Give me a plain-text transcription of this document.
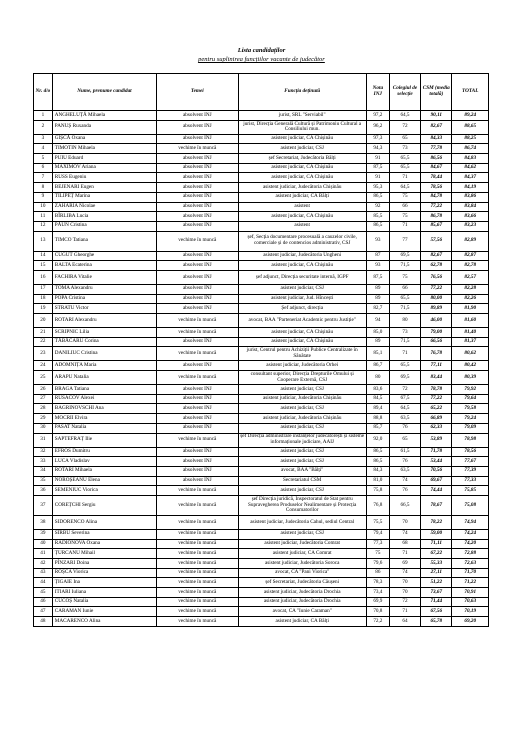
Lista candidaților
pentru suplinirea funcțiilor vacante de judecător
Nr. d/o	Nume, prenume candidat	Temei	Funcția deținută	Nota INJ	Colegiul de selecție	CSM (media totală)	TOTAL
1	ANGHELUȚĂ Mihaela	absolvent INJ	jurist, SRL "Serviabil"	97,2	64,5	90,11	89,24
2	PANUȘ Ruxanda	absolvent INJ	jurist, Direcția Generală Cultură și Patrimoniu Cultural a Consiliului mun.	96,2	72	82,67	88,65
3	GÎȘCĂ Oxana	absolvent INJ	asistent judiciar, CA Chișinău	97,3	65	84,33	88,25
4	TIMOTIN Mihaela	vechime în muncă	asistent judiciar, CSJ	94,3	73	77,78	86,74
5	PUIU Eduard	absolvent INJ	șef Secretariat, Judecătoria Bălți	91	65,5	86,56	84,83
6	MAXIMOV Ariana	absolvent INJ	asistent judiciar, CA Chișinău	87,5	65,5	84,67	84,62
7	RUSS Eugeniu	absolvent INJ	asistent judiciar, CA Chișinău	91	71	78,44	84,37
8	BEJENARI Eugen	absolvent INJ	asistent judiciar, Judecătoria Chișinău	95,3	64,5	78,56	84,19
9	TILIPEȚ Marina	absolvent INJ	asistent judiciar, CA Bălți	86,5	75	84,78	83,86
10	ZAHARIA Nicolae	absolvent INJ	asistent	92	66	77,22	83,84
11	BÎRLIBA Lucia	absolvent INJ	asistent judiciar, CA Chișinău	85,5	75	86,78	83,66
12	PĂUN Cristina	absolvent INJ	asistent	86,5	71	85,67	83,23
13	TIMCO Tatiana	vechime în muncă	șef, Secția documentare procesuală a cauzelor civile, comerciale și de contencios administrativ, CSJ	93	77	57,56	82,89
14	CUGUT Gheorghe	absolvent INJ	asistent judiciar, Judecătoria Ungheni	87	69,5	82,67	82,87
15	BALTA Ecaterina	absolvent INJ	asistent judiciar, CA Chișinău	93	71,5	62,78	82,78
16	FACHIRA Vitalie	absolvent INJ	șef adjunct, Direcția securitate internă, IGPF	87,5	75	76,56	82,57
17	TOMA Alexandru	absolvent INJ	asistent judiciar, CSJ	89	66	77,22	82,28
18	POPA Cristina	absolvent INJ	asistent judiciar, Jud. Hîncești	89	65,5	80,00	82,26
19	STRATU Victor	absolvent INJ	Șef adjunct, direcția	82,7	71,5	89,89	81,90
20	ROTARI Alexandru	vechime în muncă	avocat, BAA "Parteneriat Academic pentru Justiție"	94	80	46,00	81,60
21	SCRIPNIC Lilia	vechime în muncă	asistent judiciar, CA Chișinău	85,0	73	79,00	81,40
22	TĂBĂCARU Corina	absolvent INJ	asistent judiciar, CA Chișinău	89	71,5	66,56	81,37
23	DANILIUC Cristina	vechime în muncă	jurist, Centrul pentru Achiziții Publice Centralizate în Sănătate	85,1	71	76,78	80,62
24	ADOMNIȚA Maria	absolvent INJ	asistent judiciar, Judecătoria Orhei	86,7	65,5	77,11	80,42
25	ARAPU Natalia	vechime în muncă	consultant superior, Direcția Drepturile Omului și Cooperare Externă, CSJ	80	69,5	83,44	80,39
26	BRAGA Tatiana	absolvent INJ	asistent judiciar, CSJ	83,6	72	78,78	79,92
27	RUSACOV Alexei	absolvent INJ	asistent judiciar, Judecătoria Chișinău	84,5	67,5	77,22	79,64
28	BAGRINOVSCHI Ana	absolvent INJ	asistent judiciar, CSJ	89,4	64,5	65,22	79,58
29	MOCRII Elvira	absolvent INJ	asistent judiciar, Judecătoria Chișinău	88,8	63,5	66,89	79,24
30	PASAT Natalia	absolvent INJ	asistent judiciar, CSJ	85,7	76	62,33	79,09
31	SAPTEFRAȚ Ilie	vechime în muncă	șef Direcția administrare instanțelor judecătorești și sisteme informaționale judiciare, AAIJ	92,0	65	53,89	78,98
32	EFROS Dumitru	absolvent INJ	asistent judiciar, CSJ	86,5	61,5	71,78	78,56
33	LUCA Vladislav	absolvent INJ	asistent judiciar, CSJ	86,5	76	53,44	77,67
34	ROTARI Mihaela	absolvent INJ	avocat, BAA "Bălți"	84,3	63,5	70,56	77,39
35	NOROȘEANU Elena	absolvent INJ	Secretariatul CSM	81,0	74	69,67	77,33
36	SEMENIUC Viorica	vechime în muncă	asistent judiciar, CSJ	75,8	76	74,44	75,85
37	COREȚCHI Sergiu	vechime în muncă	șef Direcția juridică, Inspectoratul de Stat pentru Supravegherea Produselor Nealimentare și Protecția Consumatorilor	76,8	66,5	78,67	75,08
38	SIDORENCO Alina	vechime în muncă	asistent judiciar, Judecătoria Cahul, sediul Central	75,5	70	78,22	74,94
39	SÎRBU Severina	vechime în muncă	asistent judiciar, CSJ	79,4	74	59,00	74,24
40	RADIONOVA Oxana	vechime în muncă	asistent judiciar, Judecătoria Comrat	77,3	68	71,11	74,20
41	ȚURCANU Mihail	vechime în muncă	asistent judiciar, CA Comrat	75	71	67,22	72,88
42	PÎNZARI Doina	vechime în muncă	asistent judiciar, Judecătoria Soroca	79,6	69	55,33	72,63
43	ROȘCA Viorica	vechime în muncă	avocat, CA "Pani Viorica"	86	74	27,11	71,70
44	ȚIGAIE Ina	vechime în muncă	șef Secretariat, Judecătoria Căușeni	78,3	70	51,22	71,22
45	ITIARI Iuliana	vechime în muncă	asistent judiciar, Judecătoria Drochia	73,4	70	73,67	70,91
46	CUCOȘ Natalia	vechime în muncă	asistent judiciar, Judecătoria Drochia	69,9	72	71,44	70,63
47	CARAMAN Iunie	vechime în muncă	avocat, CA "Iunie Caraman"	70,8	71	67,56	70,19
48	MACARENCO Alina	vechime în muncă	asistent judiciar, CA Bălți	72,2	64	65,78	69,20
